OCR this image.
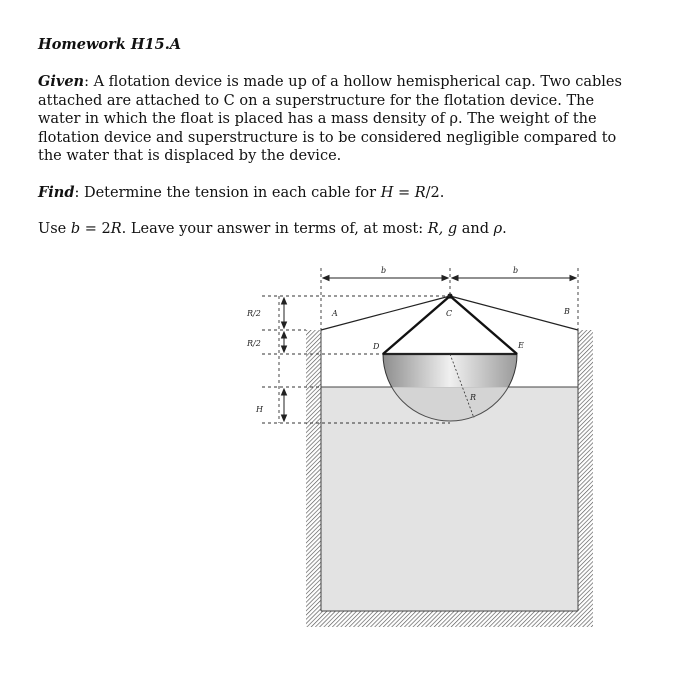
Homework H15.A
Given: A flotation device is made up of a hollow hemispherical cap. Two cables attached are attached to C on a superstructure for the flotation device. The water in which the float is placed has a mass density of ρ. The weight of the flotation device and superstructure is to be considered negligible compared to the water that is displaced by the device.
Find: Determine the tension in each cable for H = R/2.
Use b = 2R. Leave your answer in terms of, at most: R, g and ρ.
b	b
R/2
R/2
H
A	B
C
D	E
R
